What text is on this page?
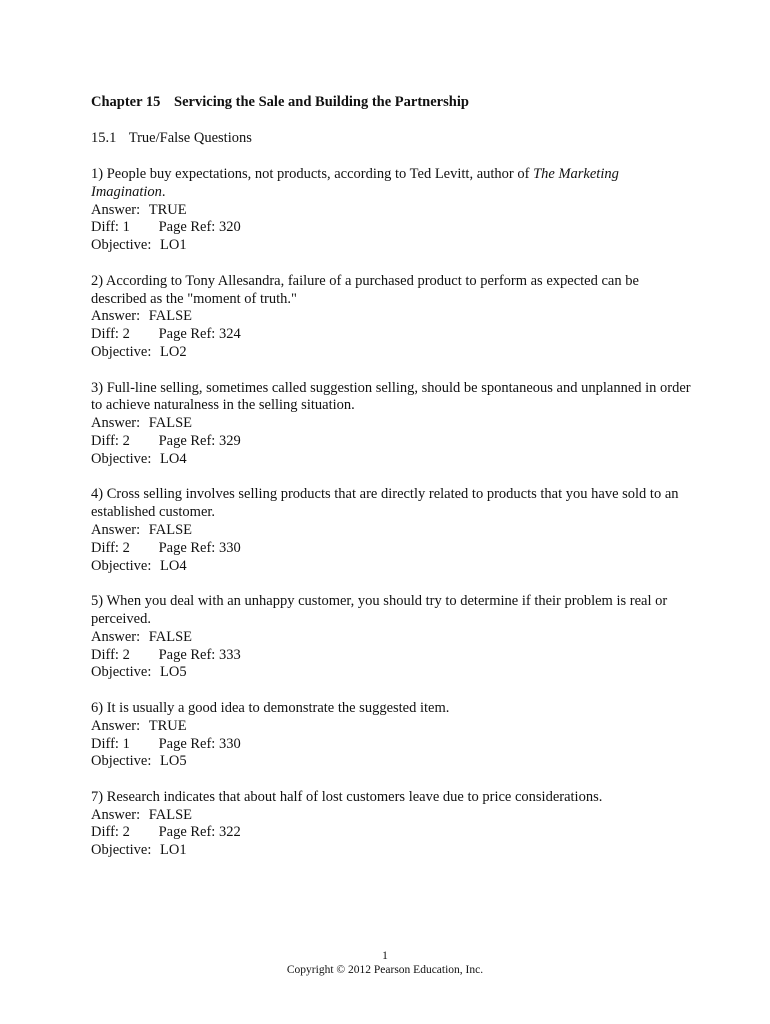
Chapter 15 Servicing the Sale and Building the Partnership
15.1 True/False Questions
1) People buy expectations, not products, according to Ted Levitt, author of The Marketing Imagination.
Answer: TRUE
Diff: 1 Page Ref: 320
Objective: LO1
2) According to Tony Allesandra, failure of a purchased product to perform as expected can be described as the "moment of truth."
Answer: FALSE
Diff: 2 Page Ref: 324
Objective: LO2
3) Full-line selling, sometimes called suggestion selling, should be spontaneous and unplanned in order to achieve naturalness in the selling situation.
Answer: FALSE
Diff: 2 Page Ref: 329
Objective: LO4
4) Cross selling involves selling products that are directly related to products that you have sold to an established customer.
Answer: FALSE
Diff: 2 Page Ref: 330
Objective: LO4
5) When you deal with an unhappy customer, you should try to determine if their problem is real or perceived.
Answer: FALSE
Diff: 2 Page Ref: 333
Objective: LO5
6) It is usually a good idea to demonstrate the suggested item.
Answer: TRUE
Diff: 1 Page Ref: 330
Objective: LO5
7) Research indicates that about half of lost customers leave due to price considerations.
Answer: FALSE
Diff: 2 Page Ref: 322
Objective: LO1
1
Copyright © 2012 Pearson Education, Inc.
